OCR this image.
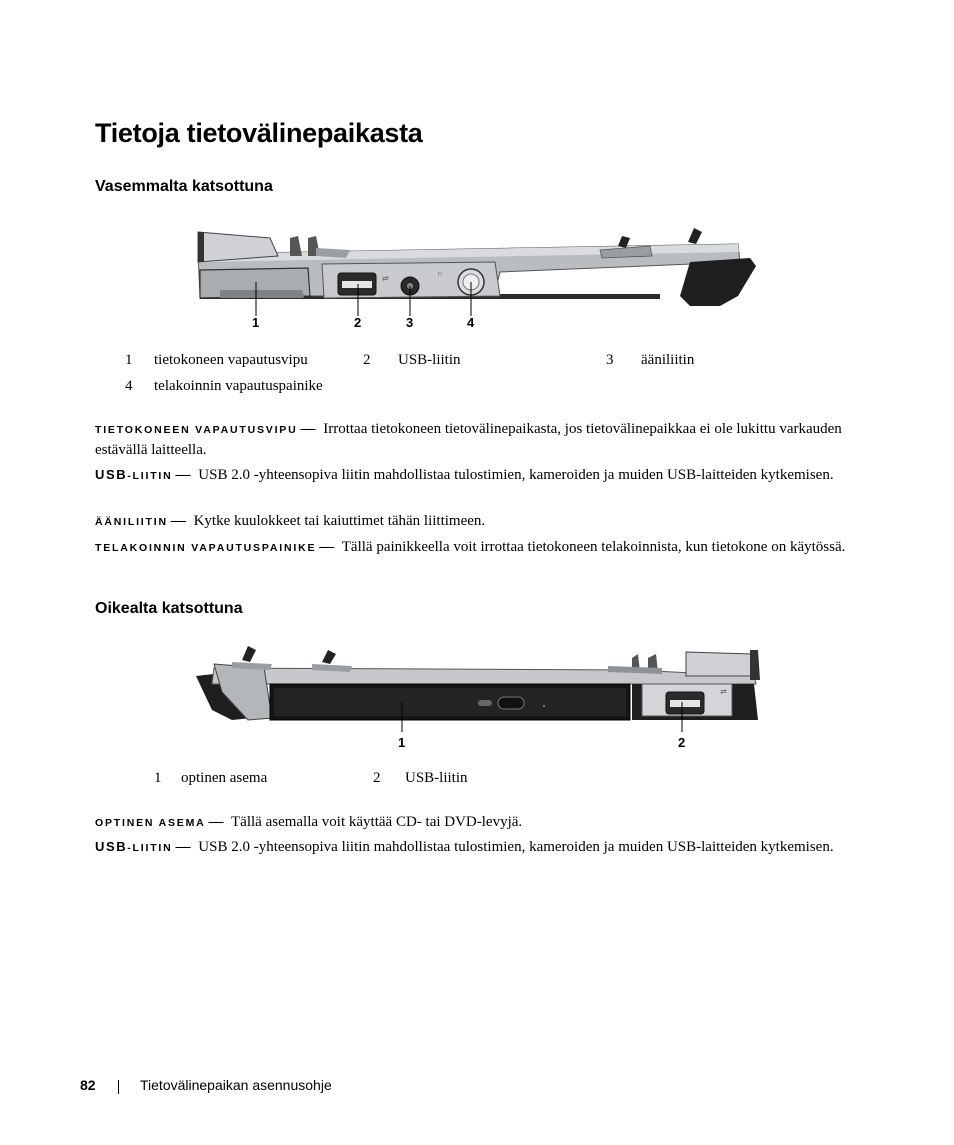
Tietoja tietovälinepaikasta
Vasemmalta katsottuna
⇌
∩
1	2	3	4
1 tietokoneen vapautusvipu	2 USB-liitin	3 ääniliitin
4 telakoinnin vapautuspainike
TIETOKONEEN VAPAUTUSVIPU — Irrottaa tietokoneen tietovälinepaikasta, jos tietovälinepaikkaa ei ole lukittu varkauden estävällä laitteella.
USB-LIITIN — USB 2.0 -yhteensopiva liitin mahdollistaa tulostimien, kameroiden ja muiden USB-laitteiden kytkemisen.
ÄÄNILIITIN — Kytke kuulokkeet tai kaiuttimet tähän liittimeen.
TELAKOINNIN VAPAUTUSPAINIKE — Tällä painikkeella voit irrottaa tietokoneen telakoinnista, kun tietokone on käytössä.
Oikealta katsottuna
⇌
1	2
1 optinen asema	2 USB-liitin
OPTINEN ASEMA — Tällä asemalla voit käyttää CD- tai DVD-levyjä.
USB-LIITIN — USB 2.0 -yhteensopiva liitin mahdollistaa tulostimien, kameroiden ja muiden USB-laitteiden kytkemisen.
82	Tietovälinepaikan asennusohje
